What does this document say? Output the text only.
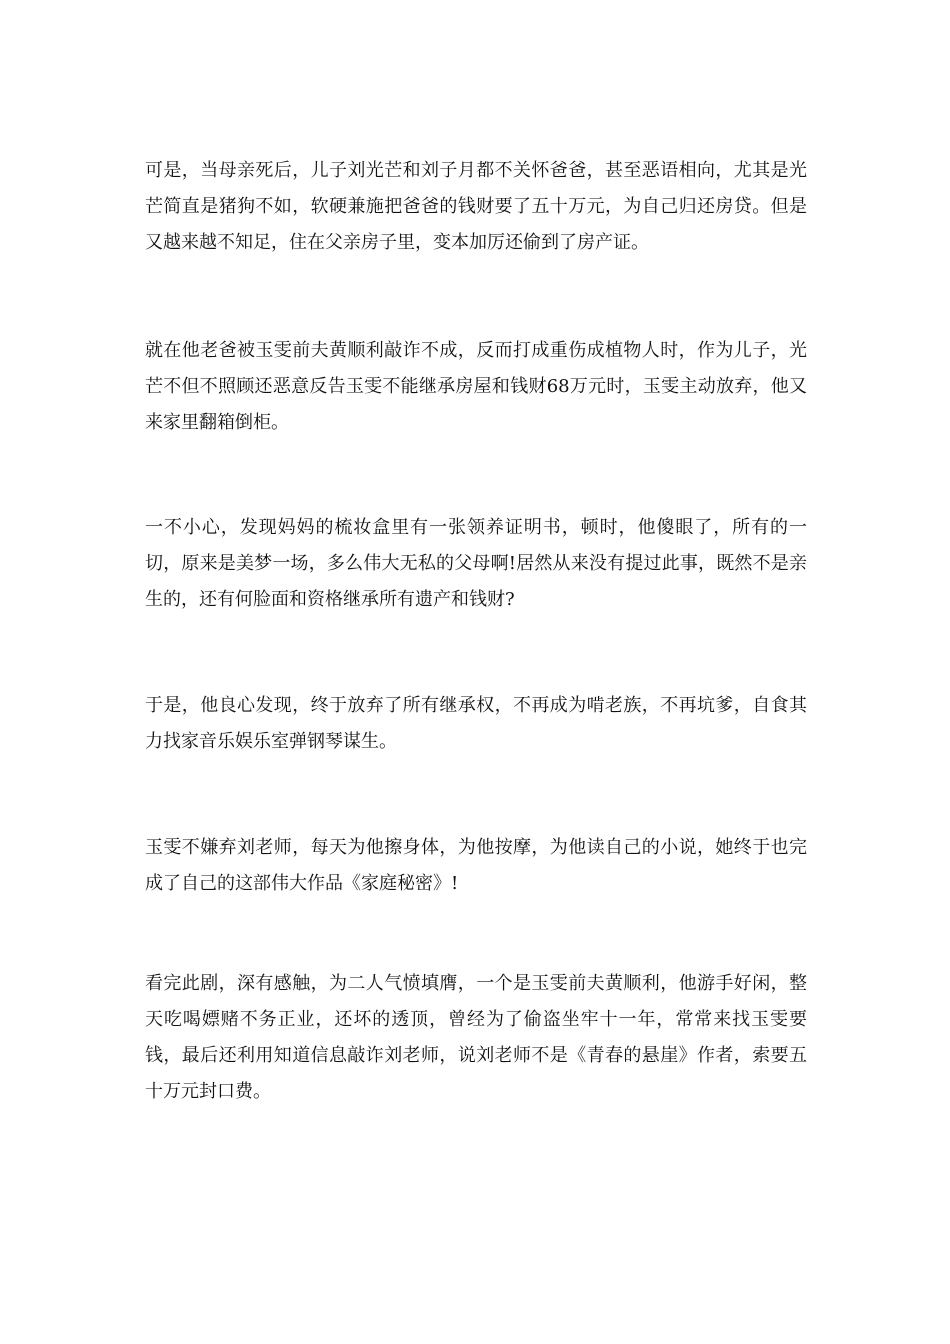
可是，当母亲死后，儿子刘光芒和刘子月都不关怀爸爸，甚至恶语相向，尤其是光芒简直是猪狗不如，软硬兼施把爸爸的钱财要了五十万元，为自己归还房贷。但是又越来越不知足，住在父亲房子里，变本加厉还偷到了房产证。

就在他老爸被玉雯前夫黄顺利敲诈不成，反而打成重伤成植物人时，作为儿子，光芒不但不照顾还恶意反告玉雯不能继承房屋和钱财68万元时，玉雯主动放弃，他又来家里翻箱倒柜。

一不小心，发现妈妈的梳妆盒里有一张领养证明书，顿时，他傻眼了，所有的一切，原来是美梦一场，多么伟大无私的父母啊!居然从来没有提过此事，既然不是亲生的，还有何脸面和资格继承所有遗产和钱财?

于是，他良心发现，终于放弃了所有继承权，不再成为啃老族，不再坑爹，自食其力找家音乐娱乐室弹钢琴谋生。

玉雯不嫌弃刘老师，每天为他擦身体，为他按摩，为他读自己的小说，她终于也完成了自己的这部伟大作品《家庭秘密》!

看完此剧，深有感触，为二人气愤填膺，一个是玉雯前夫黄顺利，他游手好闲，整天吃喝嫖赌不务正业，还坏的透顶，曾经为了偷盗坐牢十一年，常常来找玉雯要钱，最后还利用知道信息敲诈刘老师，说刘老师不是《青春的悬崖》作者，索要五十万元封口费。
